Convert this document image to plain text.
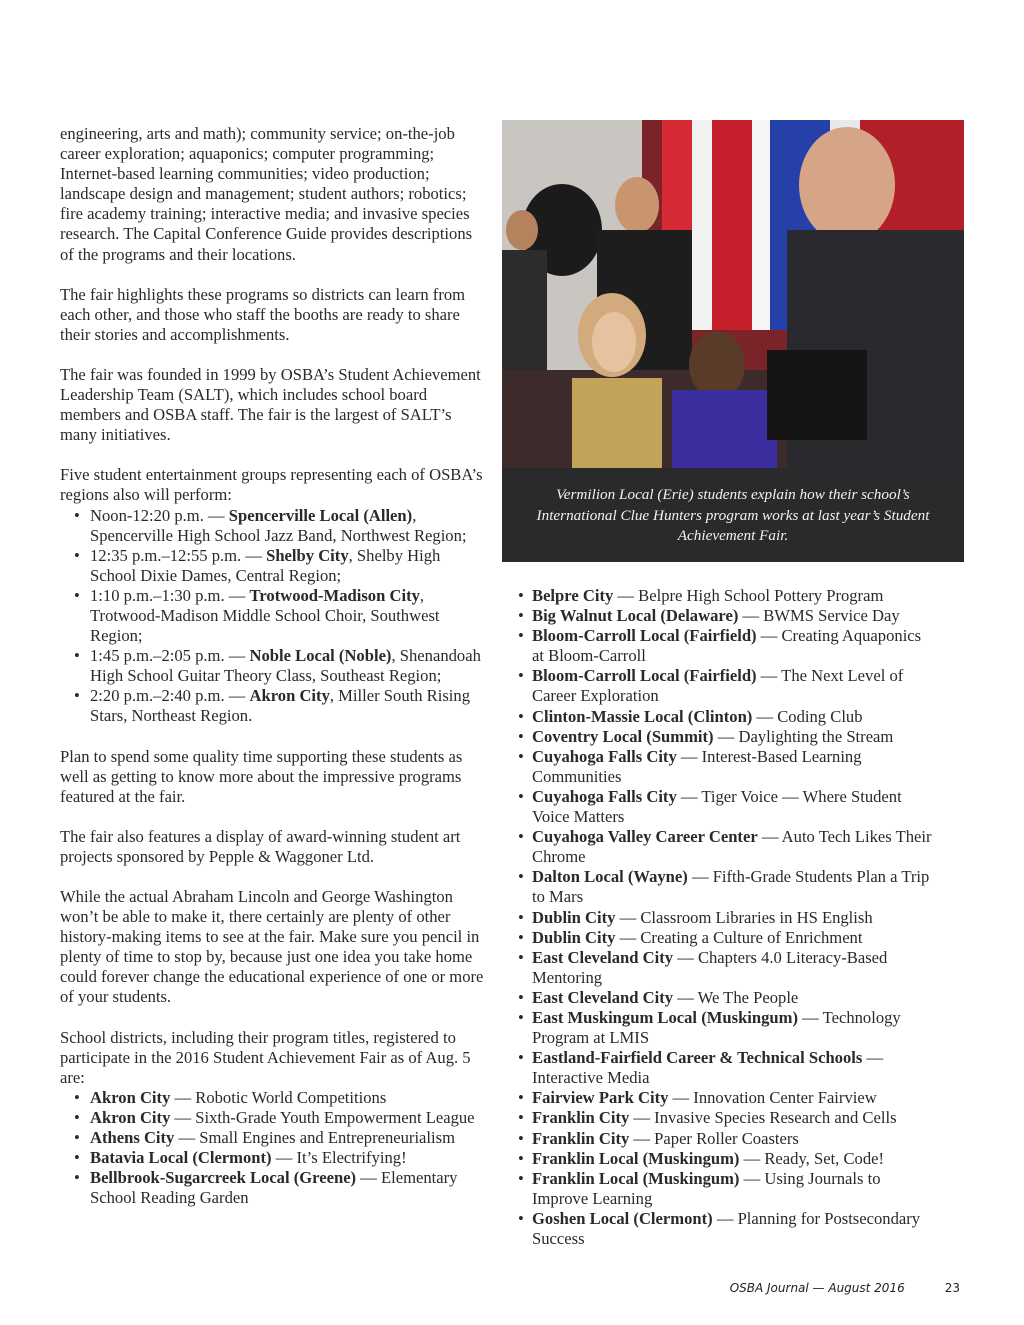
engineering, arts and math); community service; on-the-job career exploration; aquaponics; computer programming; Internet-based learning communities; video production; landscape design and management; student authors; robotics; fire academy training; interactive media; and invasive species research. The Capital Conference Guide provides descriptions of the programs and their locations.

The fair highlights these programs so districts can learn from each other, and those who staff the booths are ready to share their stories and accomplishments.

The fair was founded in 1999 by OSBA’s Student Achievement Leadership Team (SALT), which includes school board members and OSBA staff. The fair is the largest of SALT’s many initiatives.

Five student entertainment groups representing each of OSBA’s regions also will perform:

• Noon-12:20 p.m. — Spencerville Local (Allen), Spencerville High School Jazz Band, Northwest Region;
• 12:35 p.m.–12:55 p.m. — Shelby City, Shelby High School Dixie Dames, Central Region;
• 1:10 p.m.–1:30 p.m. — Trotwood-Madison City, Trotwood-Madison Middle School Choir, Southwest Region;
• 1:45 p.m.–2:05 p.m. — Noble Local (Noble), Shenandoah High School Guitar Theory Class, Southeast Region;
• 2:20 p.m.–2:40 p.m. — Akron City, Miller South Rising Stars, Northeast Region.

Plan to spend some quality time supporting these students as well as getting to know more about the impressive programs featured at the fair.

The fair also features a display of award-winning student art projects sponsored by Pepple & Waggoner Ltd.

While the actual Abraham Lincoln and George Washington won’t be able to make it, there certainly are plenty of other history-making items to see at the fair. Make sure you pencil in plenty of time to stop by, because just one idea you take home could forever change the educational experience of one or more of your students.

School districts, including their program titles, registered to participate in the 2016 Student Achievement Fair as of Aug. 5 are:

• Akron City — Robotic World Competitions
• Akron City — Sixth-Grade Youth Empowerment League
• Athens City — Small Engines and Entrepreneurialism
• Batavia Local (Clermont) — It’s Electrifying!
• Bellbrook-Sugarcreek Local (Greene) — Elementary School Reading Garden
Vermilion Local (Erie) students explain how their school’s International Clue Hunters program works at last year’s Student Achievement Fair.
• Belpre City — Belpre High School Pottery Program
• Big Walnut Local (Delaware) — BWMS Service Day
• Bloom-Carroll Local (Fairfield) — Creating Aquaponics at Bloom-Carroll
• Bloom-Carroll Local (Fairfield) — The Next Level of Career Exploration
• Clinton-Massie Local (Clinton) — Coding Club
• Coventry Local (Summit) — Daylighting the Stream
• Cuyahoga Falls City — Interest-Based Learning Communities
• Cuyahoga Falls City — Tiger Voice — Where Student Voice Matters
• Cuyahoga Valley Career Center — Auto Tech Likes Their Chrome
• Dalton Local (Wayne) — Fifth-Grade Students Plan a Trip to Mars
• Dublin City — Classroom Libraries in HS English
• Dublin City — Creating a Culture of Enrichment
• East Cleveland City — Chapters 4.0 Literacy-Based Mentoring
• East Cleveland City — We The People
• East Muskingum Local (Muskingum) — Technology Program at LMIS
• Eastland-Fairfield Career & Technical Schools — Interactive Media
• Fairview Park City — Innovation Center Fairview
• Franklin City — Invasive Species Research and Cells
• Franklin City — Paper Roller Coasters
• Franklin Local (Muskingum) — Ready, Set, Code!
• Franklin Local (Muskingum) — Using Journals to Improve Learning
• Goshen Local (Clermont) — Planning for Postsecondary Success
OSBA Journal — August 2016	23
